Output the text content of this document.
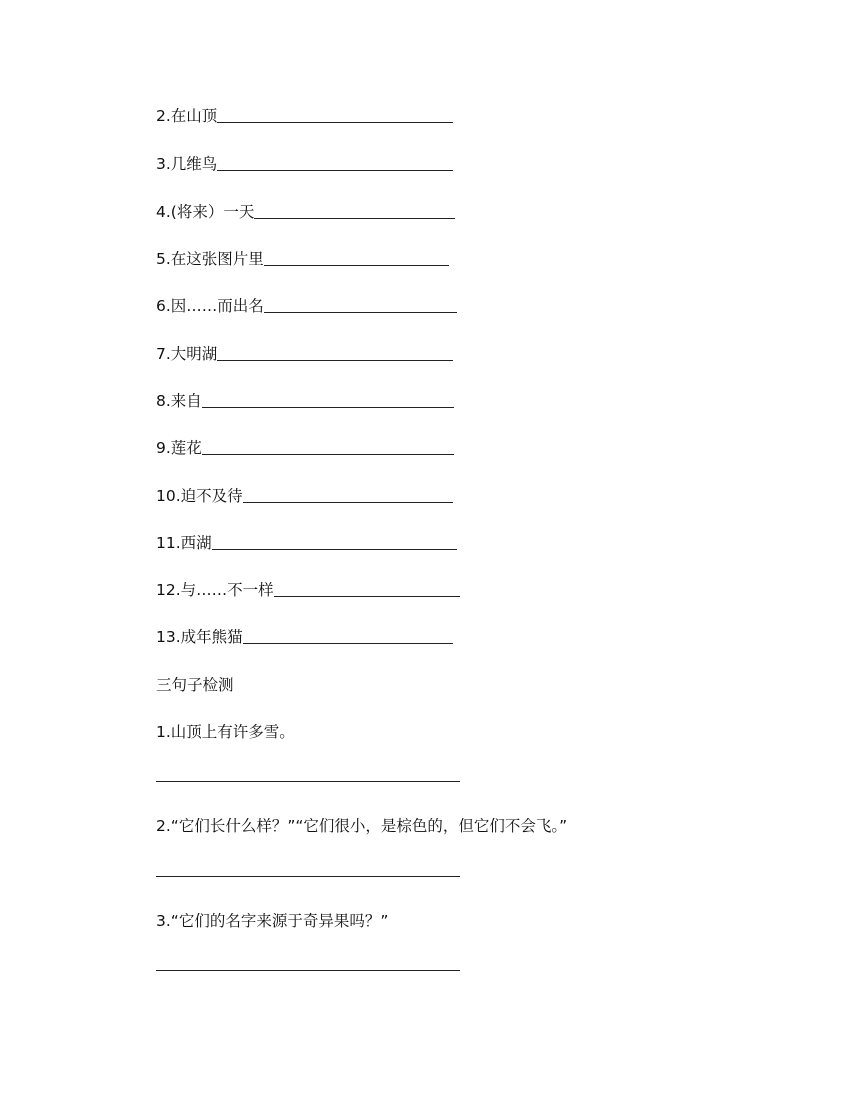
2.在山顶
3.几维鸟
4.(将来）一天
5.在这张图片里
6.因……而出名
7.大明湖
8.来自
9.莲花
10.迫不及待
11.西湖
12.与……不一样
13.成年熊猫
三句子检测
1.山顶上有许多雪。
2.“它们长什么样？”“它们很小，是棕色的，但它们不会飞。”
3.“它们的名字来源于奇异果吗？”
